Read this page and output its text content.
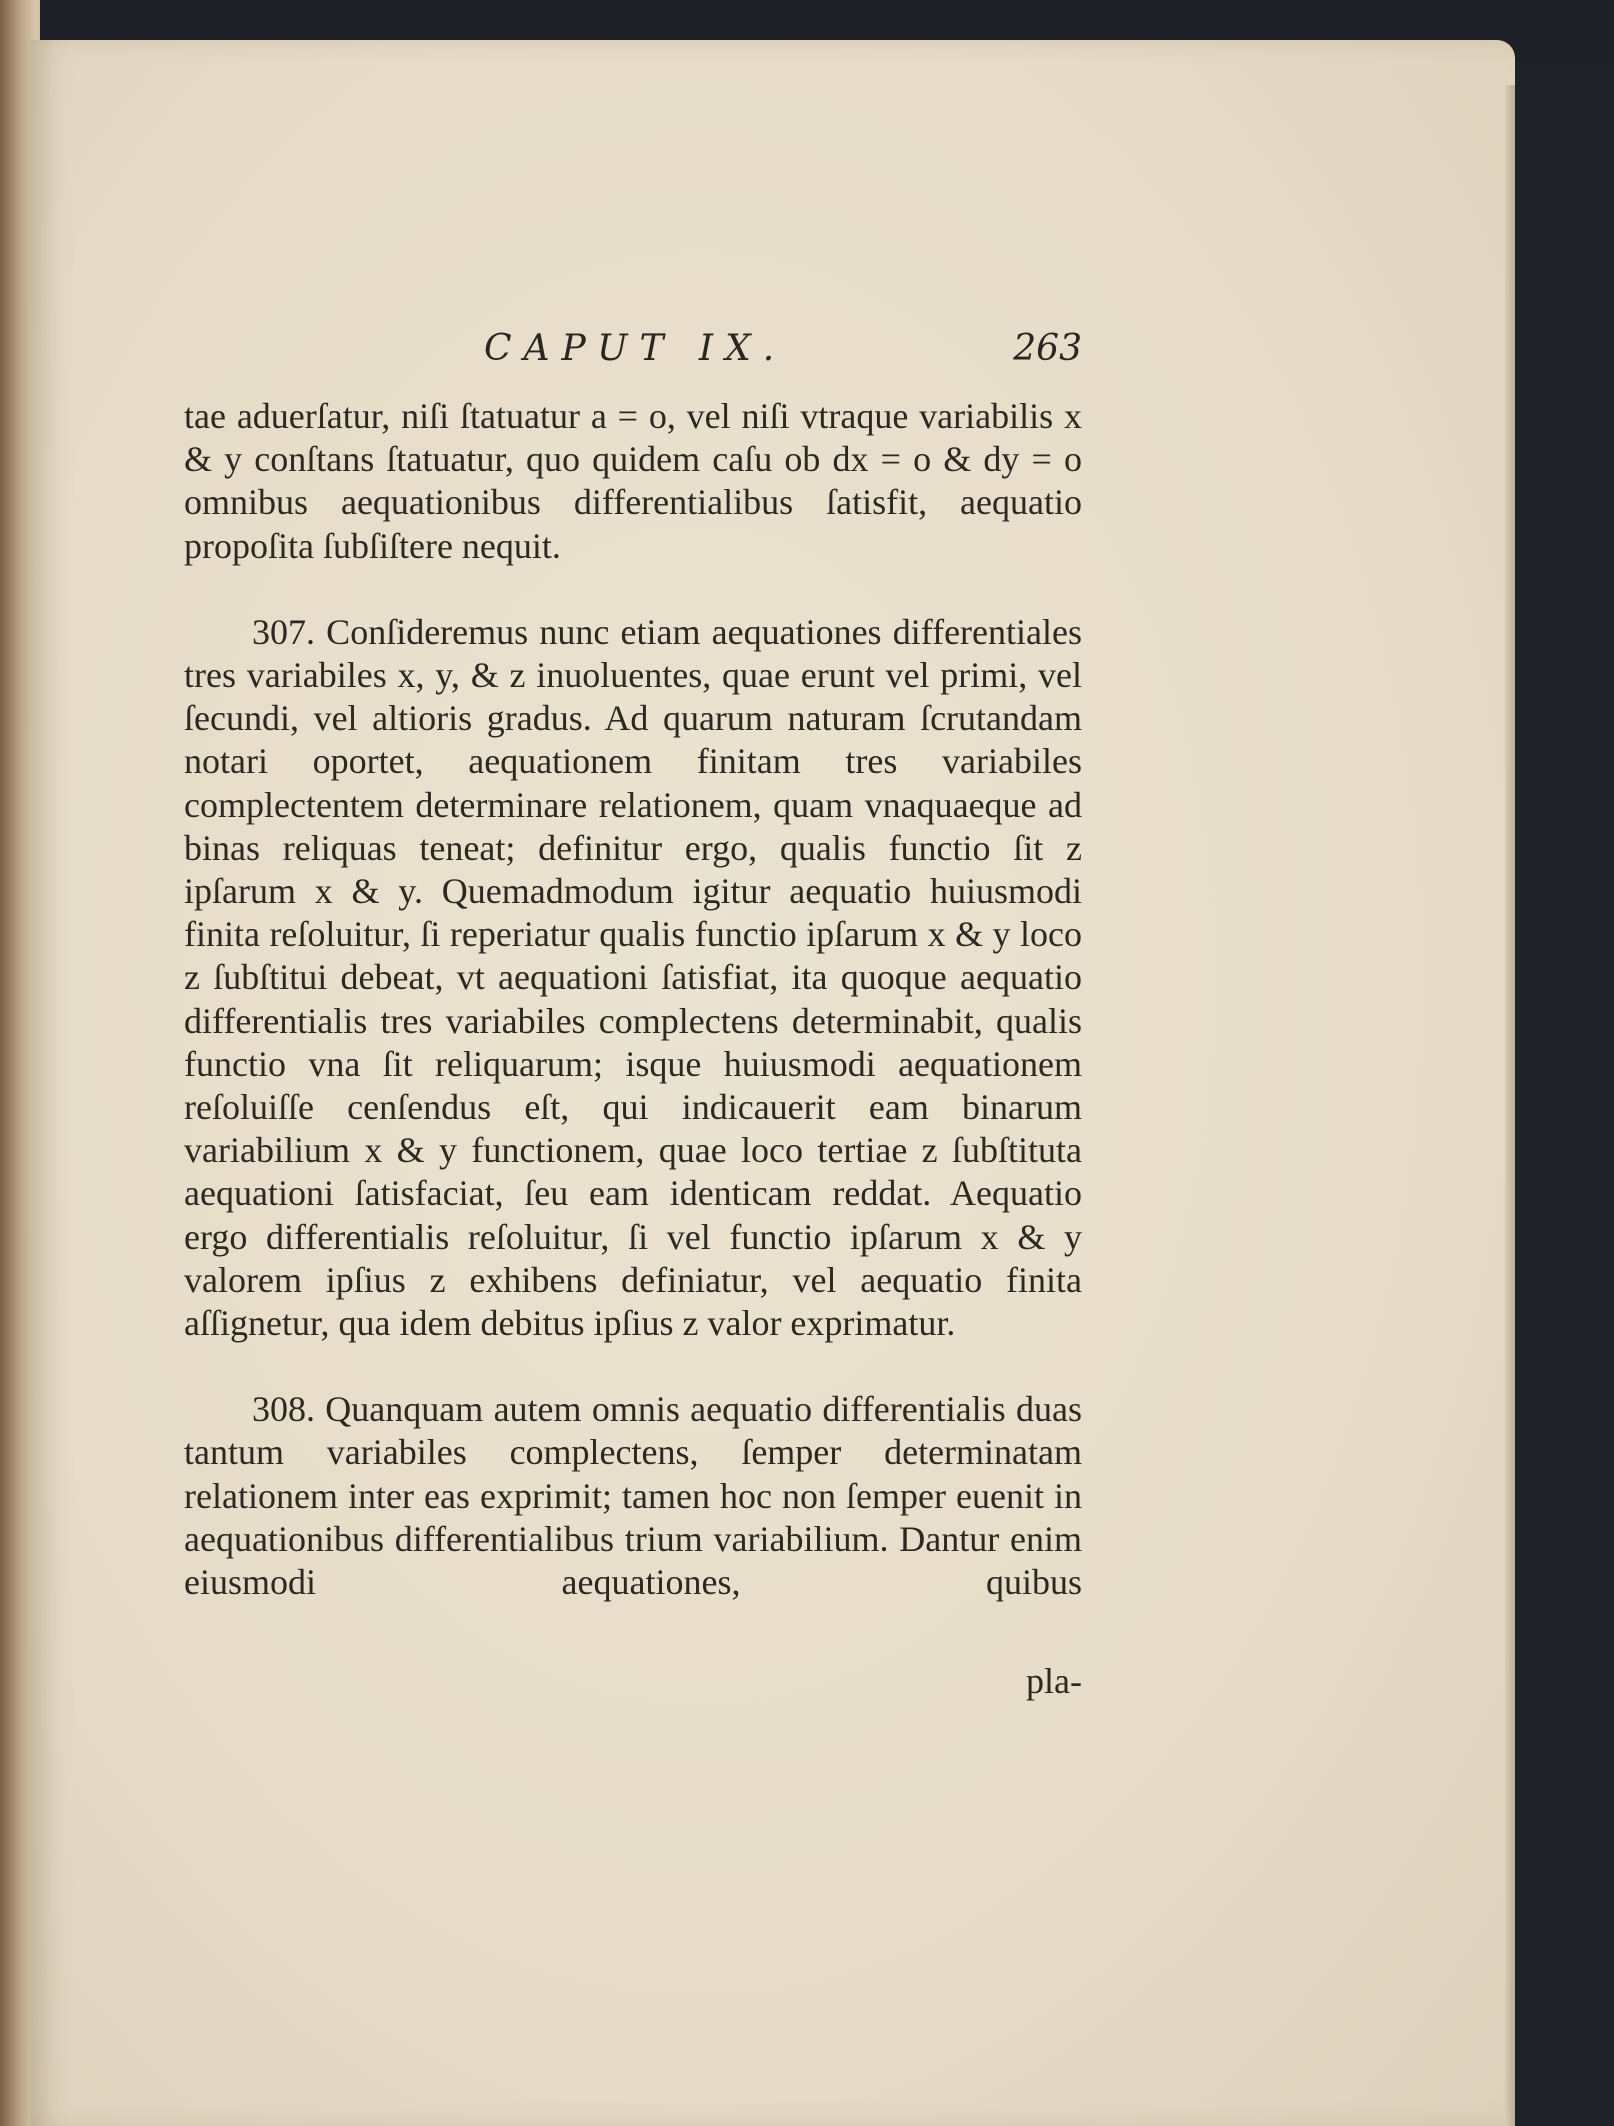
CAPUT IX.	263

tae aduerſatur, niſi ſtatuatur a = o, vel niſi vtraque variabilis x & y conſtans ſtatuatur, quo quidem caſu ob dx = o & dy = o omnibus aequationibus differentialibus ſatisfit, aequatio propoſita ſubſiſtere nequit.

307. Conſideremus nunc etiam aequationes differentiales tres variabiles x, y, & z inuoluentes, quae erunt vel primi, vel ſecundi, vel altioris gradus. Ad quarum naturam ſcrutandam notari oportet, aequationem finitam tres variabiles complectentem determinare relationem, quam vnaquaeque ad binas reliquas teneat; definitur ergo, qualis functio ſit z ipſarum x & y. Quemadmodum igitur aequatio huiusmodi finita reſoluitur, ſi reperiatur qualis functio ipſarum x & y loco z ſubſtitui debeat, vt aequationi ſatisfiat, ita quoque aequatio differentialis tres variabiles complectens determinabit, qualis functio vna ſit reliquarum; isque huiusmodi aequationem reſoluiſſe cenſendus eſt, qui indicauerit eam binarum variabilium x & y functionem, quae loco tertiae z ſubſtituta aequationi ſatisfaciat, ſeu eam identicam reddat. Aequatio ergo differentialis reſoluitur, ſi vel functio ipſarum x & y valorem ipſius z exhibens definiatur, vel aequatio finita aſſignetur, qua idem debitus ipſius z valor exprimatur.

308. Quanquam autem omnis aequatio differentialis duas tantum variabiles complectens, ſemper determinatam relationem inter eas exprimit; tamen hoc non ſemper euenit in aequationibus differentialibus trium variabilium. Dantur enim eiusmodi aequationes, quibus

pla-
